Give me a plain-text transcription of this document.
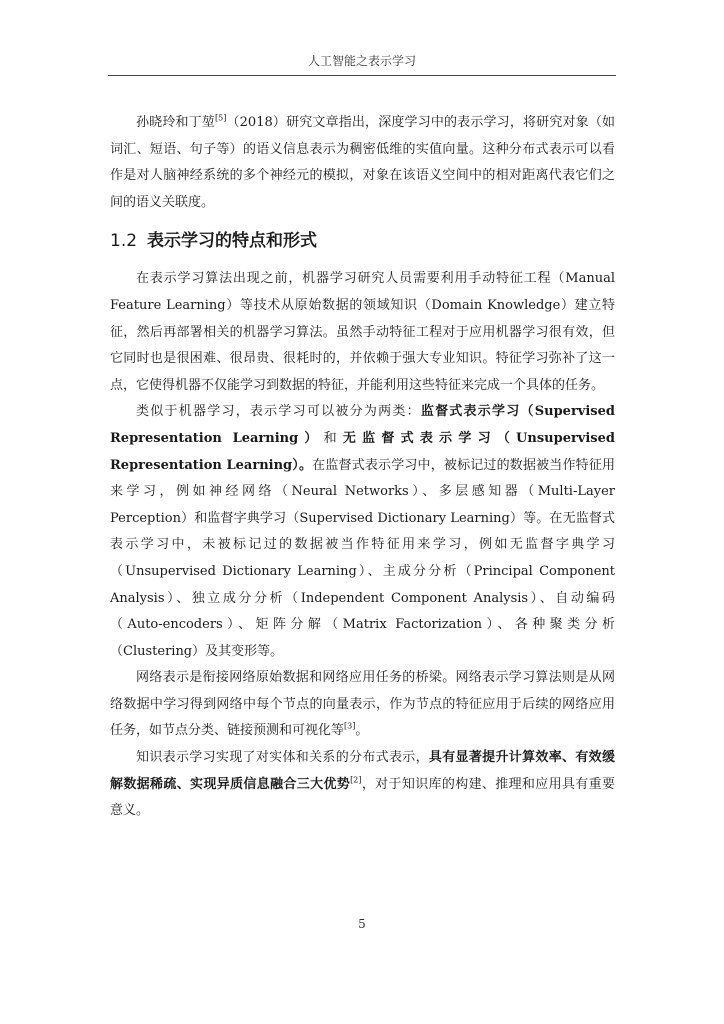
人工智能之表示学习

孙晓玲和丁堃[5]（2018）研究文章指出，深度学习中的表示学习，将研究对象（如词汇、短语、句子等）的语义信息表示为稠密低维的实值向量。这种分布式表示可以看作是对人脑神经系统的多个神经元的模拟，对象在该语义空间中的相对距离代表它们之间的语义关联度。

1.2 表示学习的特点和形式

在表示学习算法出现之前，机器学习研究人员需要利用手动特征工程（Manual Feature Learning）等技术从原始数据的领域知识（Domain Knowledge）建立特征，然后再部署相关的机器学习算法。虽然手动特征工程对于应用机器学习很有效，但它同时也是很困难、很昂贵、很耗时的，并依赖于强大专业知识。特征学习弥补了这一点，它使得机器不仅能学习到数据的特征，并能利用这些特征来完成一个具体的任务。

类似于机器学习，表示学习可以被分为两类：监督式表示学习（Supervised Representation Learning）和无监督式表示学习（Unsupervised Representation Learning）。在监督式表示学习中，被标记过的数据被当作特征用来学习，例如神经网络（Neural Networks）、多层感知器（Multi-Layer Perception）和监督字典学习（Supervised Dictionary Learning）等。在无监督式表示学习中，未被标记过的数据被当作特征用来学习，例如无监督字典学习（Unsupervised Dictionary Learning）、主成分分析（Principal Component Analysis）、独立成分分析（Independent Component Analysis）、自动编码（Auto-encoders）、矩阵分解（Matrix Factorization）、各种聚类分析（Clustering）及其变形等。

网络表示是衔接网络原始数据和网络应用任务的桥梁。网络表示学习算法则是从网络数据中学习得到网络中每个节点的向量表示，作为节点的特征应用于后续的网络应用任务，如节点分类、链接预测和可视化等[3]。

知识表示学习实现了对实体和关系的分布式表示，具有显著提升计算效率、有效缓解数据稀疏、实现异质信息融合三大优势[2]，对于知识库的构建、推理和应用具有重要意义。

5
